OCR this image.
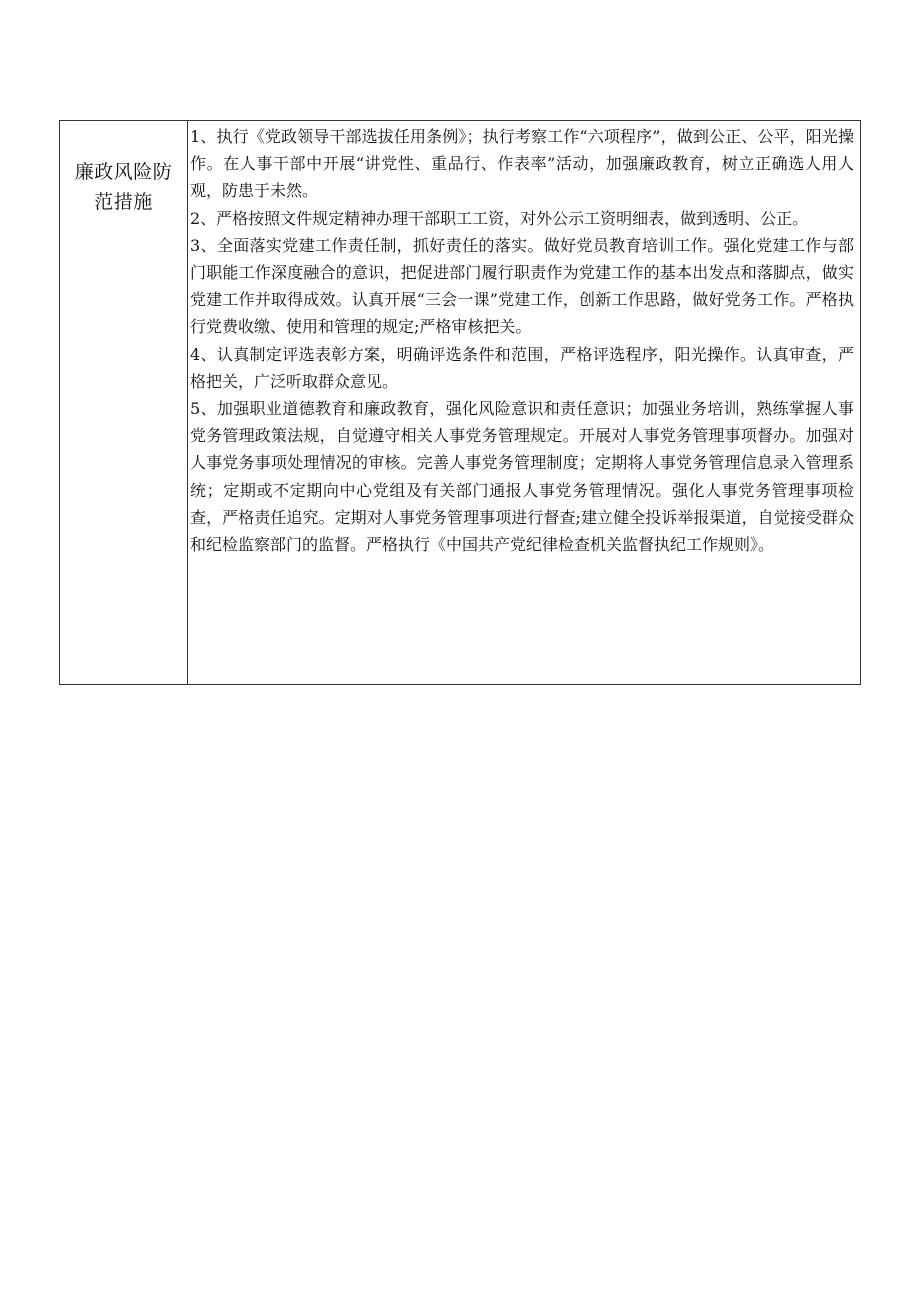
廉政风险防
范措施

1、执行《党政领导干部选拔任用条例》；执行考察工作“六项程序”，做到公正、公平，阳光操作。在人事干部中开展“讲党性、重品行、作表率”活动，加强廉政教育，树立正确选人用人观，防患于未然。

2、严格按照文件规定精神办理干部职工工资，对外公示工资明细表，做到透明、公正。

3、全面落实党建工作责任制，抓好责任的落实。做好党员教育培训工作。强化党建工作与部门职能工作深度融合的意识，把促进部门履行职责作为党建工作的基本出发点和落脚点，做实党建工作并取得成效。认真开展“三会一课”党建工作，创新工作思路，做好党务工作。严格执行党费收缴、使用和管理的规定;严格审核把关。

4、认真制定评选表彰方案，明确评选条件和范围，严格评选程序，阳光操作。认真审查，严格把关，广泛听取群众意见。

5、加强职业道德教育和廉政教育，强化风险意识和责任意识；加强业务培训，熟练掌握人事党务管理政策法规，自觉遵守相关人事党务管理规定。开展对人事党务管理事项督办。加强对人事党务事项处理情况的审核。完善人事党务管理制度；定期将人事党务管理信息录入管理系统；定期或不定期向中心党组及有关部门通报人事党务管理情况。强化人事党务管理事项检查，严格责任追究。定期对人事党务管理事项进行督查;建立健全投诉举报渠道，自觉接受群众和纪检监察部门的监督。严格执行《中国共产党纪律检查机关监督执纪工作规则》。
